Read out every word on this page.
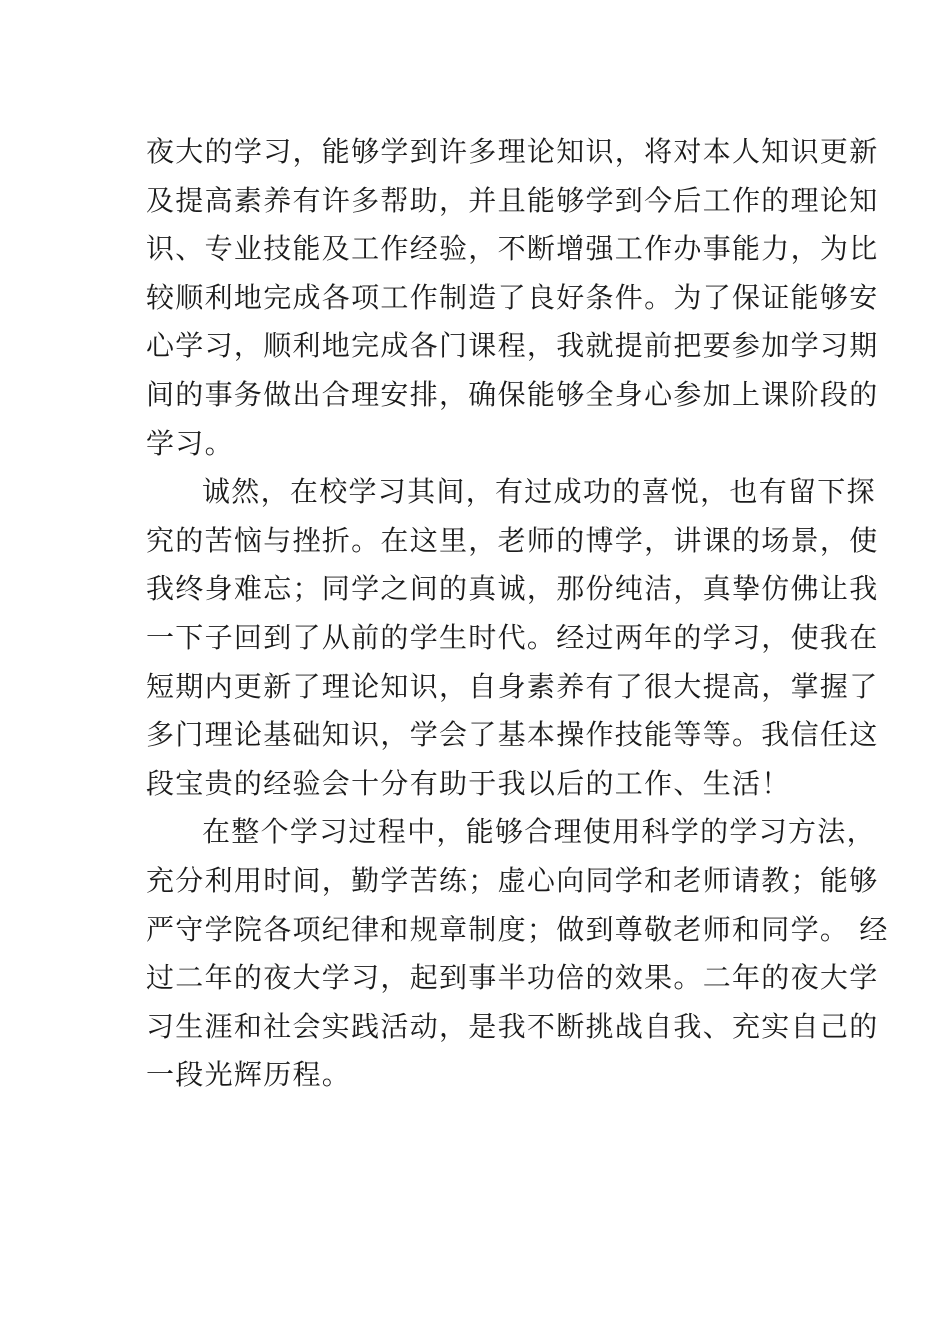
夜大的学习，能够学到许多理论知识，将对本人知识更新
及提高素养有许多帮助，并且能够学到今后工作的理论知
识、专业技能及工作经验，不断增强工作办事能力，为比
较顺利地完成各项工作制造了良好条件。为了保证能够安
心学习，顺利地完成各门课程，我就提前把要参加学习期
间的事务做出合理安排，确保能够全身心参加上课阶段的
学习。
诚然，在校学习其间，有过成功的喜悦，也有留下探
究的苦恼与挫折。在这里，老师的博学，讲课的场景，使
我终身难忘；同学之间的真诚，那份纯洁，真挚仿佛让我
一下子回到了从前的学生时代。经过两年的学习，使我在
短期内更新了理论知识，自身素养有了很大提高，掌握了
多门理论基础知识，学会了基本操作技能等等。我信任这
段宝贵的经验会十分有助于我以后的工作、生活！
在整个学习过程中，能够合理使用科学的学习方法，
充分利用时间，勤学苦练；虚心向同学和老师请教；能够
严守学院各项纪律和规章制度；做到尊敬老师和同学。 经
过二年的夜大学习，起到事半功倍的效果。二年的夜大学
习生涯和社会实践活动，是我不断挑战自我、充实自己的
一段光辉历程。
